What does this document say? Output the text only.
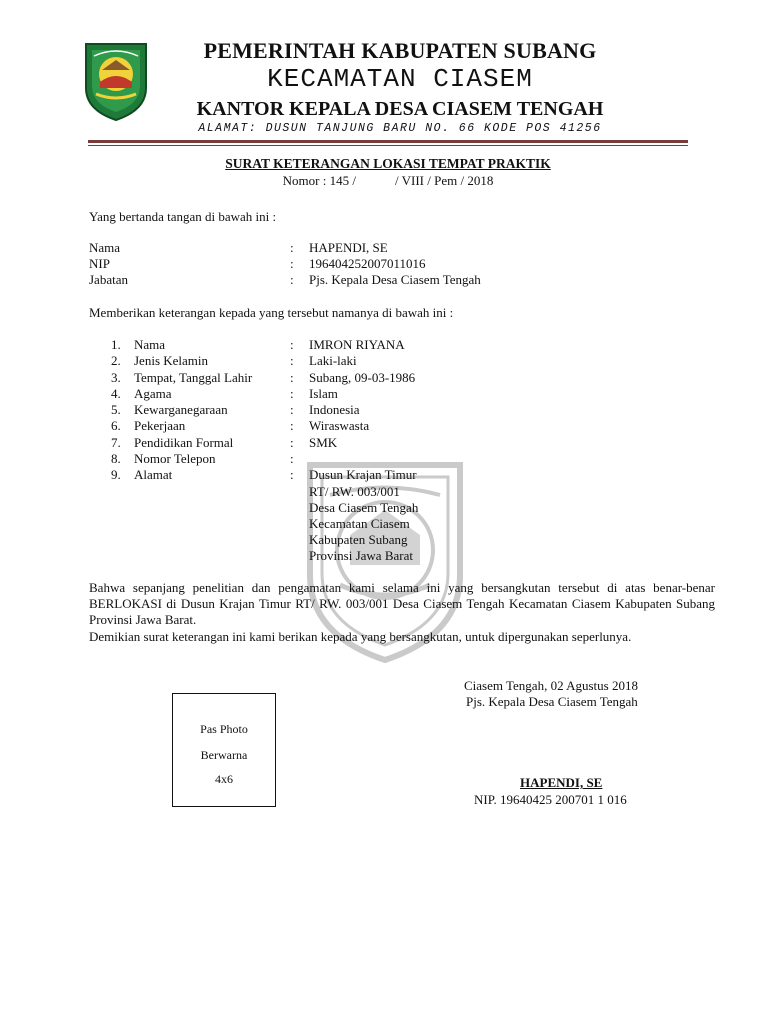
PEMERINTAH KABUPATEN SUBANG
KECAMATAN CIASEM
KANTOR KEPALA DESA CIASEM TENGAH
ALAMAT: DUSUN TANJUNG BARU NO. 66 KODE POS 41256
SURAT KETERANGAN LOKASI TEMPAT PRAKTIK
Nomor : 145 /            / VIII / Pem / 2018
Yang bertanda tangan di bawah ini :
Nama	: HAPENDI, SE
NIP	: 196404252007011016
Jabatan	: Pjs. Kepala Desa Ciasem Tengah
Memberikan keterangan kepada yang tersebut namanya di bawah ini :
1. Nama	: IMRON RIYANA
2. Jenis Kelamin	: Laki-laki
3. Tempat, Tanggal Lahir	: Subang, 09-03-1986
4. Agama	: Islam
5. Kewarganegaraan	: Indonesia
6. Pekerjaan	: Wiraswasta
7. Pendidikan Formal	: SMK
8. Nomor Telepon	:
9. Alamat	: Dusun Krajan Timur
RT/ RW. 003/001
Desa Ciasem Tengah
Kecamatan Ciasem
Kabupaten Subang
Provinsi Jawa Barat
Bahwa sepanjang penelitian dan pengamatan kami selama ini yang bersangkutan tersebut di atas benar-benar BERLOKASI di Dusun Krajan Timur RT/ RW. 003/001 Desa Ciasem Tengah Kecamatan Ciasem Kabupaten Subang Provinsi Jawa Barat.
Demikian surat keterangan ini kami berikan kepada yang bersangkutan, untuk dipergunakan seperlunya.
Pas Photo
Berwarna
4x6
Ciasem Tengah, 02 Agustus 2018
Pjs. Kepala Desa Ciasem Tengah
HAPENDI, SE
NIP. 19640425 200701 1 016
